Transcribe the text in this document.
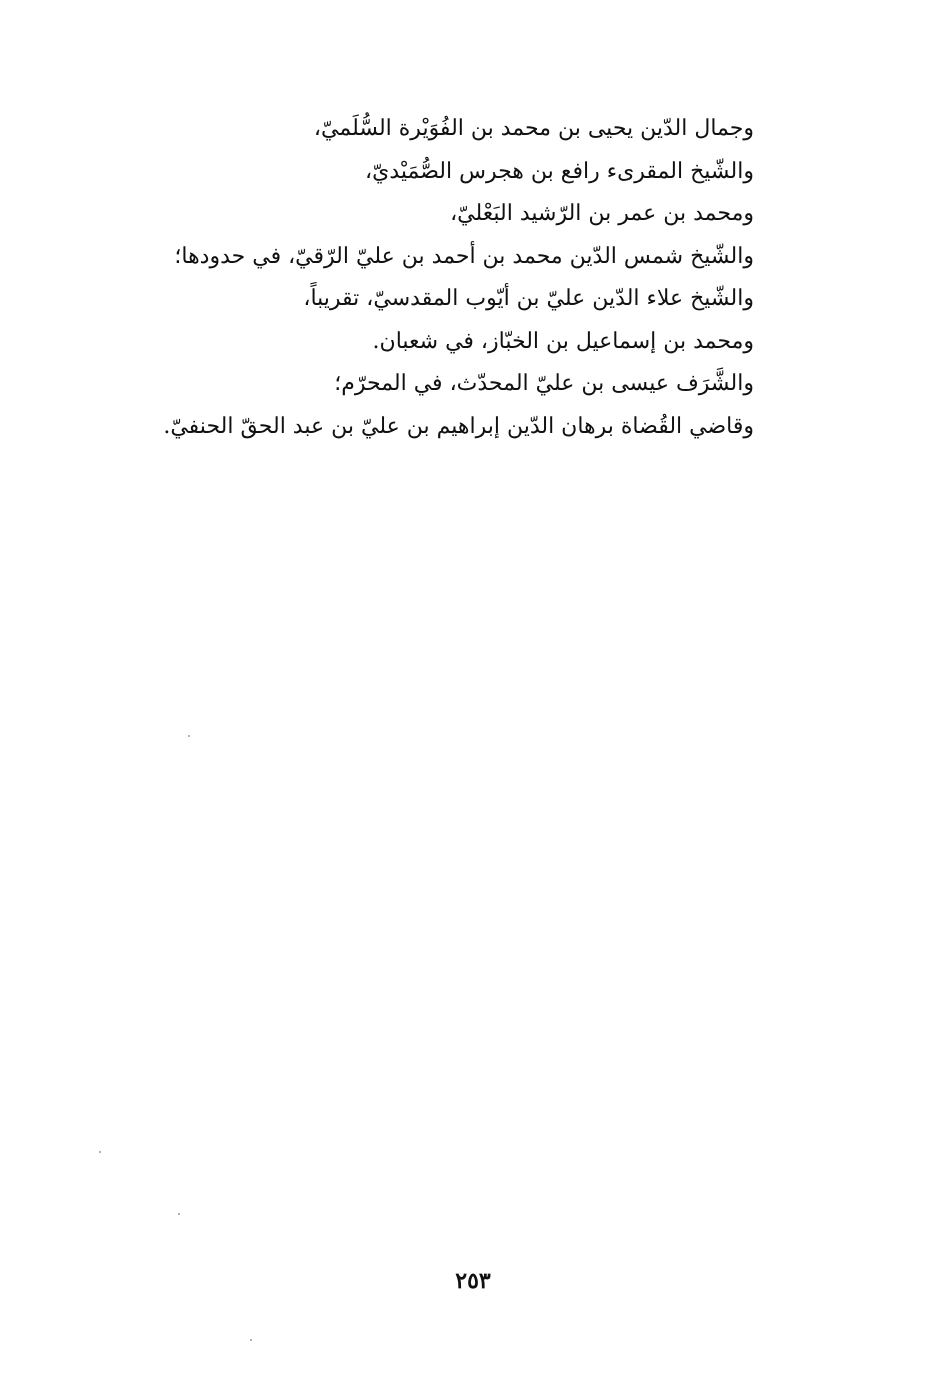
وجمال الدّين يحيى بن محمد بن الفُوَيْرة السُّلَميّ،
والشّيخ المقرىء رافع بن هجرس الصُّمَيْديّ،
ومحمد بن عمر بن الرّشيد البَعْليّ،
والشّيخ شمس الدّين محمد بن أحمد بن عليّ الرّقيّ، في حدودها؛
والشّيخ علاء الدّين عليّ بن أيّوب المقدسيّ، تقريباً،
ومحمد بن إسماعيل بن الخبّاز، في شعبان.
والشَّرَف عيسى بن عليّ المحدّث، في المحرّم؛
وقاضي القُضاة برهان الدّين إبراهيم بن عليّ بن عبد الحقّ الحنفيّ.
٢٥٣
